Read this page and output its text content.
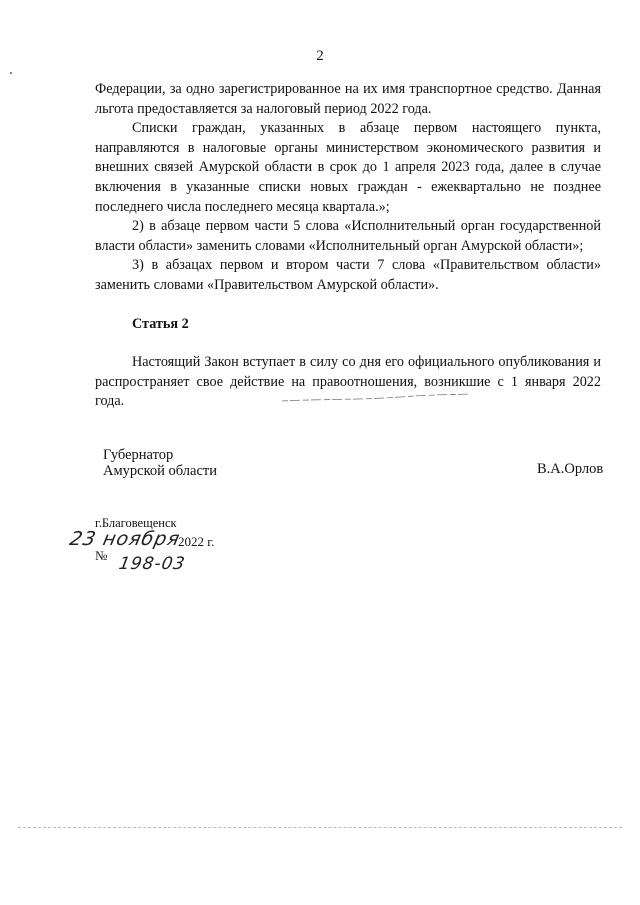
2

Федерации, за одно зарегистрированное на их имя транспортное средство. Данная льгота предоставляется за налоговый период 2022 года.

Списки граждан, указанных в абзаце первом настоящего пункта, направляются в налоговые органы министерством экономического развития и внешних связей Амурской области в срок до 1 апреля 2023 года, далее в случае включения в указанные списки новых граждан - ежеквартально не позднее последнего числа последнего месяца квартала.»;

2) в абзаце первом части 5 слова «Исполнительный орган государственной власти области» заменить словами «Исполнительный орган Амурской области»;

3) в абзацах первом и втором части 7 слова «Правительством области» заменить словами «Правительством Амурской области».

Статья 2

Настоящий Закон вступает в силу со дня его официального опубликования и распространяет свое действие на правоотношения, возникшие с 1 января 2022 года.

Губернатор
Амурской области	В.А.Орлов
г.Благовещенск
23 ноября
2022 г.
№ 198-03
